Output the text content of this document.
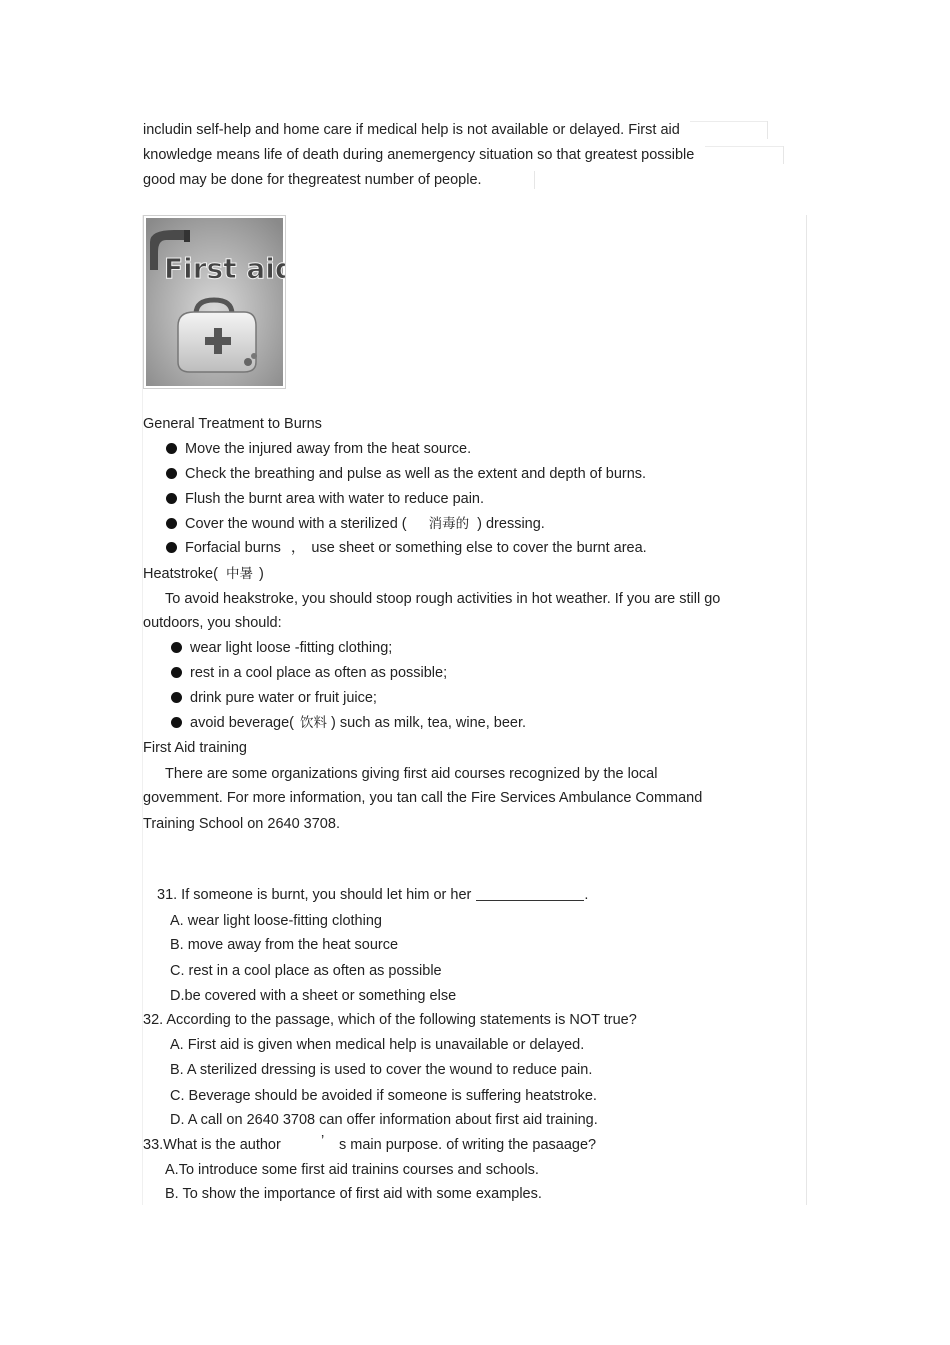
includin self-help and home care if medical help is not available or delayed. First aid
knowledge means life of death during anemergency situation so that greatest possible
good may be done for thegreatest number of people.
First aid
General Treatment to Burns
Move the injured away from the heat source.
Check the breathing and pulse as well as the extent and depth of burns.
Flush the burnt area with water to reduce pain.
Cover the wound with a sterilized ( 消毒的 ) dressing.
Forfacial burns ， use sheet or something else to cover the burnt area.
Heatstroke( 中暑 )
To avoid heakstroke, you should stoop rough activities in hot weather. If you are still go
outdoors, you should:
wear light loose -fitting clothing;
rest in a cool place as often as possible;
drink pure water or fruit juice;
avoid beverage( 饮料 ) such as milk, tea, wine, beer.
First Aid training
There are some organizations giving first aid courses recognized by the local
govemment. For more information, you tan call the Fire Services Ambulance Command
Training School on 2640 3708.
31. If someone is burnt, you should let him or her	.
A. wear light loose-fitting clothing
B. move away from the heat source
C. rest in a cool place as often as possible
D.be covered with a sheet or something else
32. According to the passage, which of the following statements is NOT true?
A. First aid is given when medical help is unavailable or delayed.
B. A sterilized dressing is used to cover the wound to reduce pain.
C. Beverage should be avoided if someone is suffering heatstroke.
D. A call on 2640 3708 can offer information about first aid training.
33.What is the author	’ s main purpose. of writing the pasaage?
A.To introduce some first aid trainins courses and schools.
B. To show the importance of first aid with some examples.
